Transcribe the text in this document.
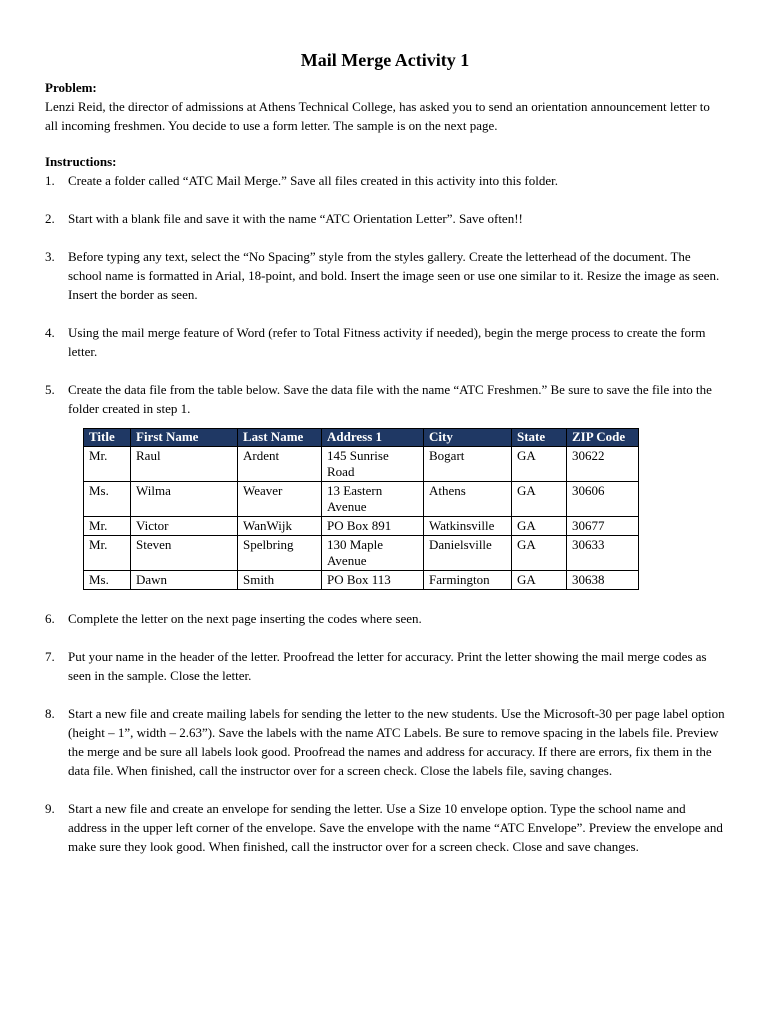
Mail Merge Activity 1

Problem:

Lenzi Reid, the director of admissions at Athens Technical College, has asked you to send an orientation announcement letter to all incoming freshmen. You decide to use a form letter. The sample is on the next page.

Instructions:

1. Create a folder called “ATC Mail Merge.” Save all files created in this activity into this folder.
2. Start with a blank file and save it with the name “ATC Orientation Letter”. Save often!!
3. Before typing any text, select the “No Spacing” style from the styles gallery. Create the letterhead of the document. The school name is formatted in Arial, 18-point, and bold. Insert the image seen or use one similar to it. Resize the image as seen. Insert the border as seen.
4. Using the mail merge feature of Word (refer to Total Fitness activity if needed), begin the merge process to create the form letter.
5. Create the data file from the table below. Save the data file with the name “ATC Freshmen.” Be sure to save the file into the folder created in step 1.
Title	First Name	Last Name	Address 1	City	State	ZIP Code
Mr.	Raul	Ardent	145 Sunrise Road	Bogart	GA	30622
Ms.	Wilma	Weaver	13 Eastern Avenue	Athens	GA	30606
Mr.	Victor	WanWijk	PO Box 891	Watkinsville	GA	30677
Mr.	Steven	Spelbring	130 Maple Avenue	Danielsville	GA	30633
Ms.	Dawn	Smith	PO Box 113	Farmington	GA	30638
6. Complete the letter on the next page inserting the codes where seen.
7. Put your name in the header of the letter. Proofread the letter for accuracy. Print the letter showing the mail merge codes as seen in the sample. Close the letter.
8. Start a new file and create mailing labels for sending the letter to the new students. Use the Microsoft-30 per page label option (height – 1”, width – 2.63”). Save the labels with the name ATC Labels. Be sure to remove spacing in the labels file. Preview the merge and be sure all labels look good. Proofread the names and address for accuracy. If there are errors, fix them in the data file. When finished, call the instructor over for a screen check. Close the labels file, saving changes.
9. Start a new file and create an envelope for sending the letter. Use a Size 10 envelope option. Type the school name and address in the upper left corner of the envelope. Save the envelope with the name “ATC Envelope”. Preview the envelope and make sure they look good. When finished, call the instructor over for a screen check. Close and save changes.
